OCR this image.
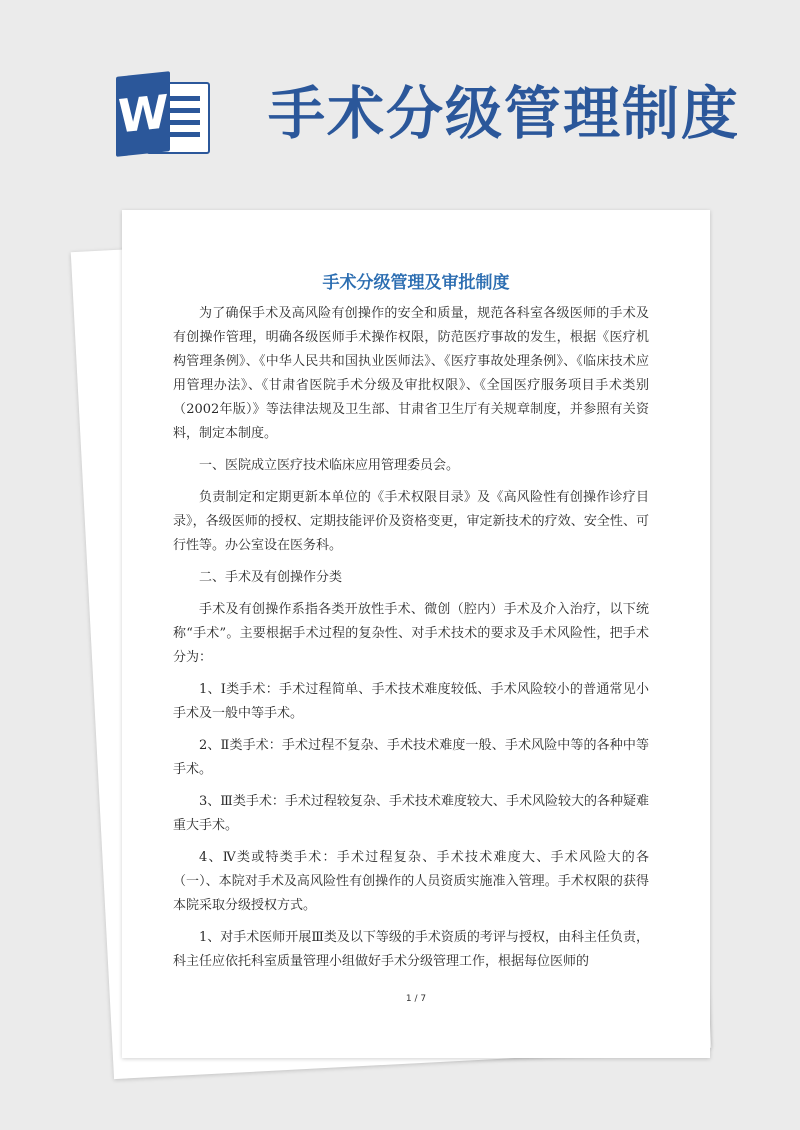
W 手术分级管理制度
手术分级管理及审批制度

为了确保手术及高风险有创操作的安全和质量，规范各科室各级医师的手术及有创操作管理，明确各级医师手术操作权限，防范医疗事故的发生，根据《医疗机构管理条例》、《中华人民共和国执业医师法》、《医疗事故处理条例》、《临床技术应用管理办法》、《甘肃省医院手术分级及审批权限》、《全国医疗服务项目手术类别（2002年版）》等法律法规及卫生部、甘肃省卫生厅有关规章制度，并参照有关资料，制定本制度。

一、医院成立医疗技术临床应用管理委员会。

负责制定和定期更新本单位的《手术权限目录》及《高风险性有创操作诊疗目录》，各级医师的授权、定期技能评价及资格变更，审定新技术的疗效、安全性、可行性等。办公室设在医务科。

二、手术及有创操作分类

手术及有创操作系指各类开放性手术、微创（腔内）手术及介入治疗，以下统称“手术”。主要根据手术过程的复杂性、对手术技术的要求及手术风险性，把手术分为：

1、Ⅰ类手术：手术过程简单、手术技术难度较低、手术风险较小的普通常见小手术及一般中等手术。

2、Ⅱ类手术：手术过程不复杂、手术技术难度一般、手术风险中等的各种中等手术。

3、Ⅲ类手术：手术过程较复杂、手术技术难度较大、手术风险较大的各种疑难重大手术。

4、Ⅳ类或特类手术：手术过程复杂、手术技术难度大、手术风险大的各（一）、本院对手术及高风险性有创操作的人员资质实施准入管理。手术权限的获得本院采取分级授权方式。

1、对手术医师开展Ⅲ类及以下等级的手术资质的考评与授权，由科主任负责，科主任应依托科室质量管理小组做好手术分级管理工作，根据每位医师的

1 / 7
